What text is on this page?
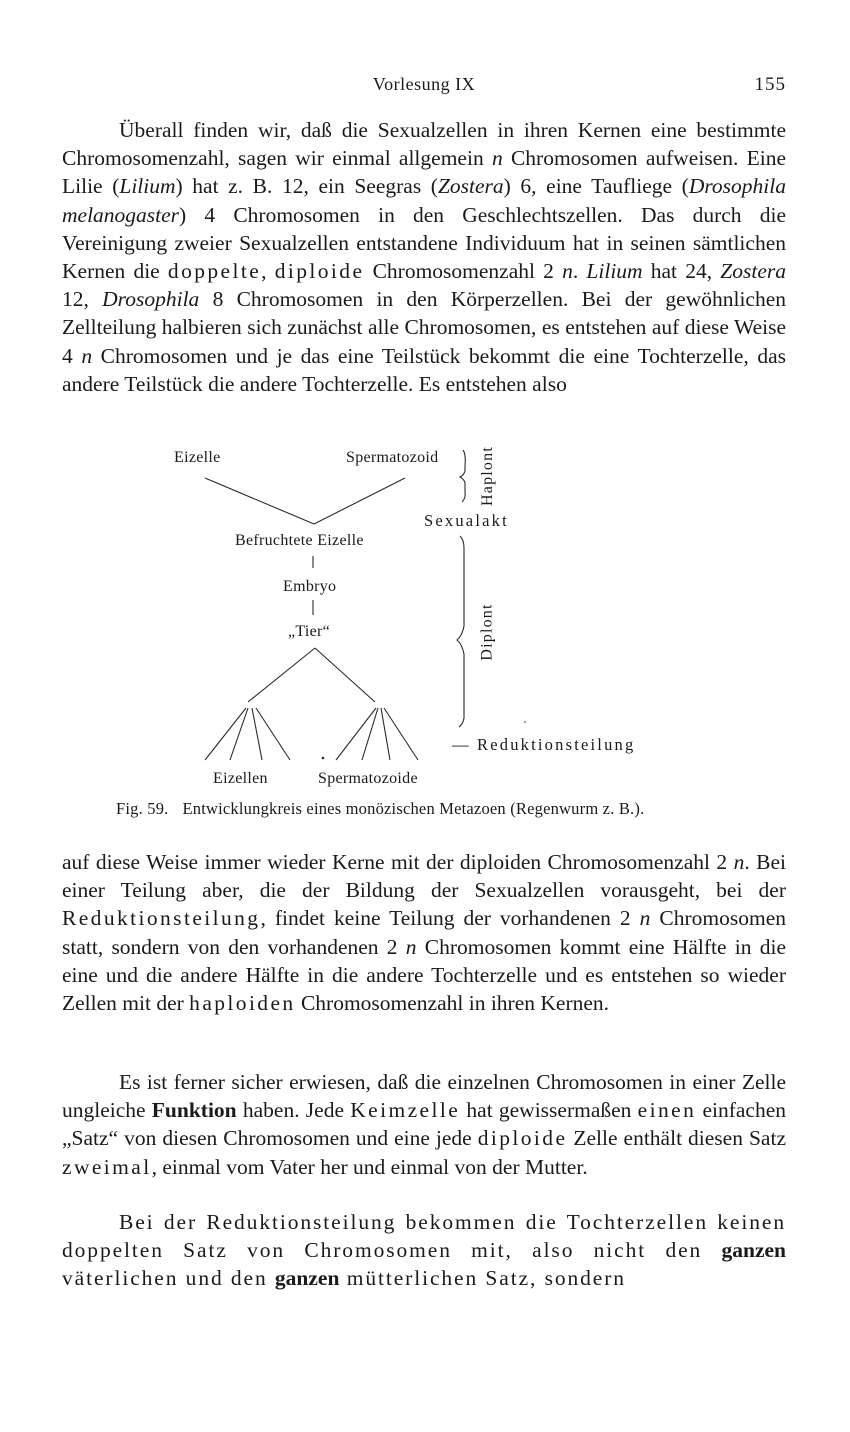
Vorlesung IX	155

Überall finden wir, daß die Sexualzellen in ihren Kernen eine bestimmte Chromosomenzahl, sagen wir einmal allgemein n Chromosomen aufweisen. Eine Lilie (Lilium) hat z. B. 12, ein Seegras (Zostera) 6, eine Taufliege (Drosophila melanogaster) 4 Chromosomen in den Geschlechtszellen. Das durch die Vereinigung zweier Sexualzellen entstandene Individuum hat in seinen sämtlichen Kernen die doppelte, diploide Chromosomenzahl 2 n. Lilium hat 24, Zostera 12, Drosophila 8 Chromosomen in den Körperzellen. Bei der gewöhnlichen Zellteilung halbieren sich zunächst alle Chromosomen, es entstehen auf diese Weise 4 n Chromosomen und je das eine Teilstück bekommt die eine Tochterzelle, das andere Teilstück die andere Tochterzelle. Es entstehen also

Eizelle	Spermatozoid	Haplont
Sexualakt
Befruchtete Eizelle
Embryo
„Tier“	Diplont
— Reduktionsteilung
Eizellen	Spermatozoide
Fig. 59. Entwicklungkreis eines monözischen Metazoen (Regenwurm z. B.).

auf diese Weise immer wieder Kerne mit der diploiden Chromosomenzahl 2 n. Bei einer Teilung aber, die der Bildung der Sexualzellen vorausgeht, bei der Reduktionsteilung, findet keine Teilung der vorhandenen 2 n Chromosomen statt, sondern von den vorhandenen 2 n Chromosomen kommt eine Hälfte in die eine und die andere Hälfte in die andere Tochterzelle und es entstehen so wieder Zellen mit der haploiden Chromosomenzahl in ihren Kernen.

Es ist ferner sicher erwiesen, daß die einzelnen Chromosomen in einer Zelle ungleiche Funktion haben. Jede Keimzelle hat gewissermaßen einen einfachen „Satz“ von diesen Chromosomen und eine jede diploide Zelle enthält diesen Satz zweimal, einmal vom Vater her und einmal von der Mutter.

Bei der Reduktionsteilung bekommen die Tochterzellen keinen doppelten Satz von Chromosomen mit, also nicht den ganzen väterlichen und den ganzen mütterlichen Satz, sondern
